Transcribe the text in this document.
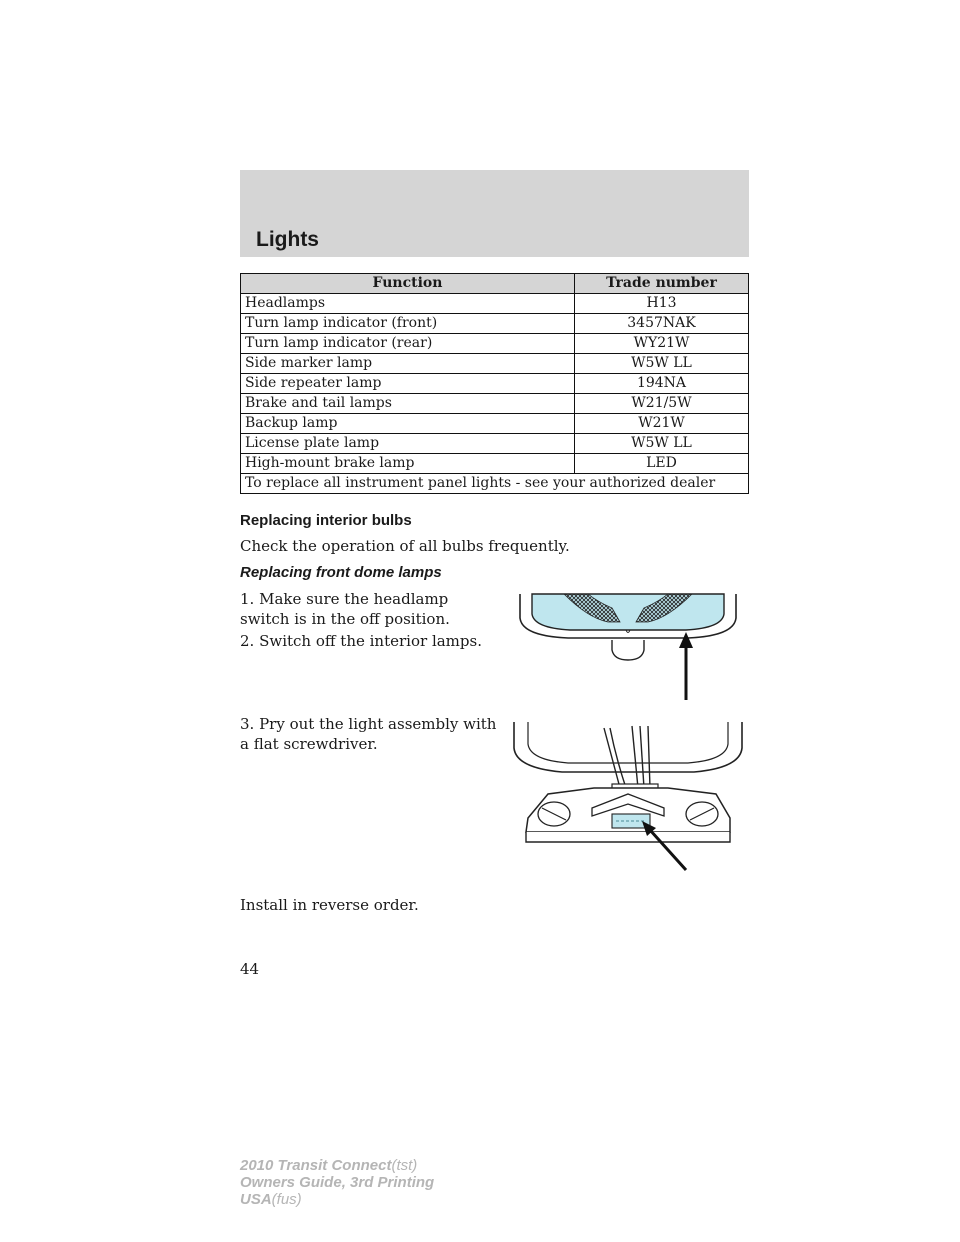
Lights
Function	Trade number
Headlamps	H13
Turn lamp indicator (front)	3457NAK
Turn lamp indicator (rear)	WY21W
Side marker lamp	W5W LL
Side repeater lamp	194NA
Brake and tail lamps	W21/5W
Backup lamp	W21W
License plate lamp	W5W LL
High-mount brake lamp	LED
To replace all instrument panel lights - see your authorized dealer	
Replacing interior bulbs
Check the operation of all bulbs frequently.
Replacing front dome lamps
1. Make sure the headlamp switch is in the off position.
2. Switch off the interior lamps.
3. Pry out the light assembly with a flat screwdriver.
Install in reverse order.
44
2010 Transit Connect(tst)
Owners Guide, 3rd Printing
USA(fus)
